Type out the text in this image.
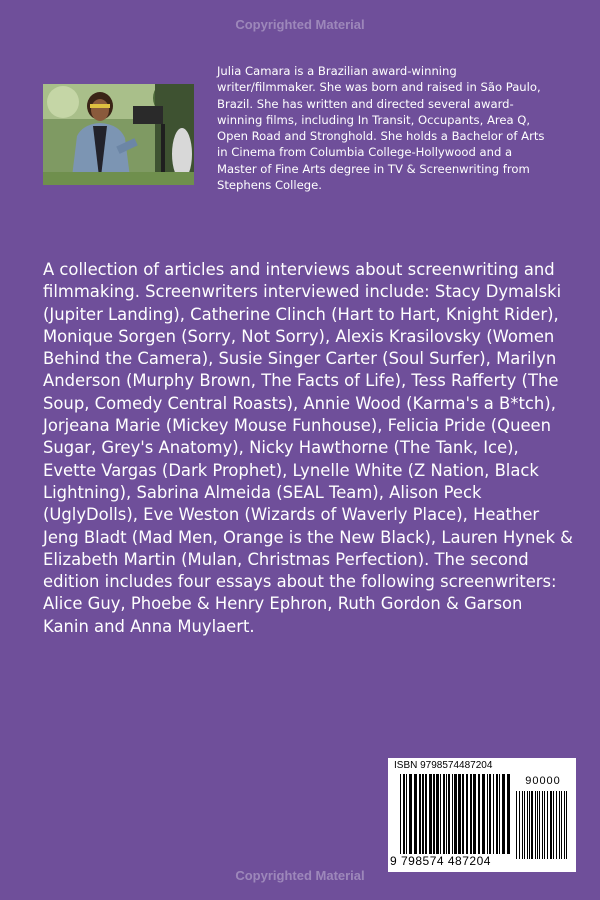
Copyrighted Material
Julia Camara is a Brazilian award-winning writer/filmmaker. She was born and raised in São Paulo, Brazil. She has written and directed several award-winning films, including In Transit, Occupants, Area Q, Open Road and Stronghold. She holds a Bachelor of Arts in Cinema from Columbia College-Hollywood and a Master of Fine Arts degree in TV & Screenwriting from Stephens College.
A collection of articles and interviews about screenwriting and filmmaking. Screenwriters interviewed include: Stacy Dymalski (Jupiter Landing), Catherine Clinch (Hart to Hart, Knight Rider), Monique Sorgen (Sorry, Not Sorry), Alexis Krasilovsky (Women Behind the Camera), Susie Singer Carter (Soul Surfer), Marilyn Anderson (Murphy Brown, The Facts of Life), Tess Rafferty (The Soup, Comedy Central Roasts), Annie Wood (Karma's a B*tch), Jorjeana Marie (Mickey Mouse Funhouse), Felicia Pride (Queen Sugar, Grey's Anatomy), Nicky Hawthorne (The Tank, Ice), Evette Vargas (Dark Prophet), Lynelle White (Z Nation, Black Lightning), Sabrina Almeida (SEAL Team), Alison Peck (UglyDolls), Eve Weston (Wizards of Waverly Place), Heather Jeng Bladt (Mad Men, Orange is the New Black), Lauren Hynek & Elizabeth Martin (Mulan, Christmas Perfection). The second edition includes four essays about the following screenwriters: Alice Guy, Phoebe & Henry Ephron, Ruth Gordon & Garson Kanin and Anna Muylaert.
ISBN 9798574487204
90000
9 798574 487204
Copyrighted Material
